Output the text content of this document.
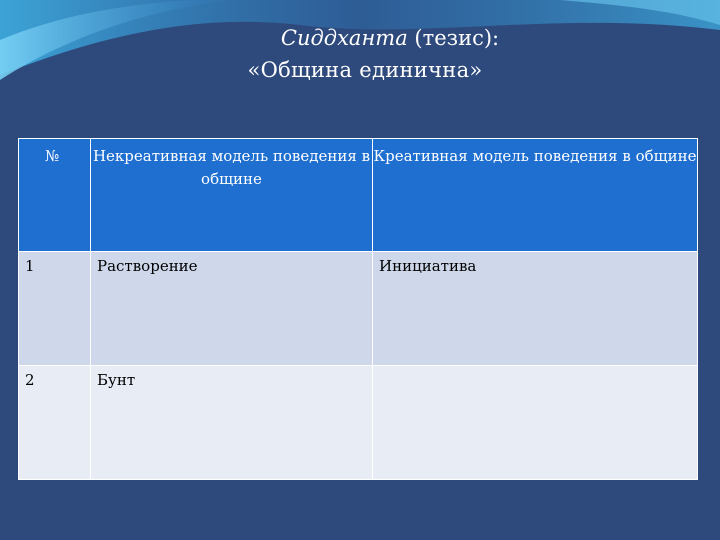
Сиддханта (тезис):
«Община единична»
№	Некреативная модель поведения в общине	Креативная модель поведения в общине
1	Растворение	Инициатива
2	Бунт	
